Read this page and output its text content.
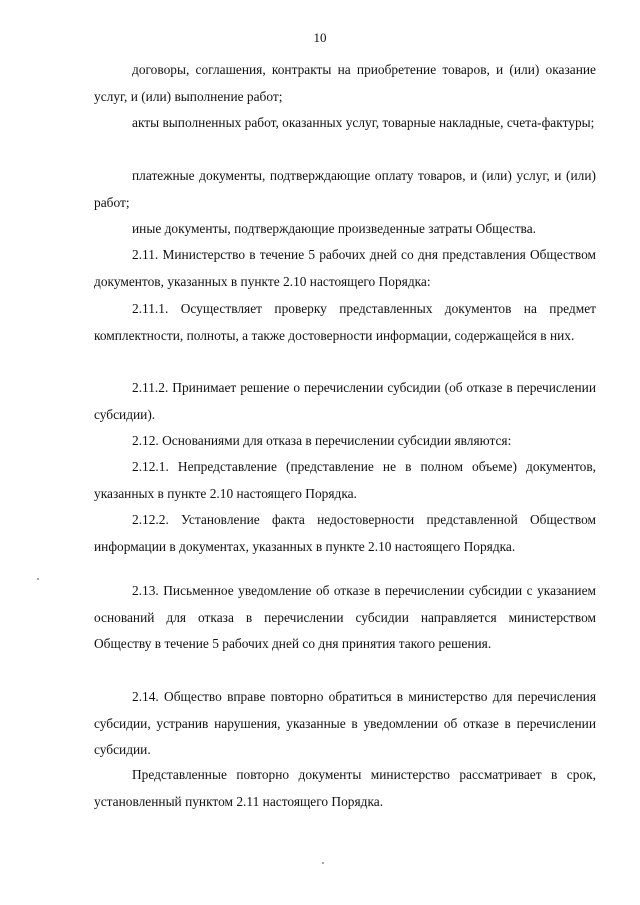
10

договоры, соглашения, контракты на приобретение товаров, и (или) оказание услуг, и (или) выполнение работ;

акты выполненных работ, оказанных услуг, товарные накладные, счета-фактуры;

платежные документы, подтверждающие оплату товаров, и (или) услуг, и (или) работ;

иные документы, подтверждающие произведенные затраты Общества.

2.11. Министерство в течение 5 рабочих дней со дня представления Обществом документов, указанных в пункте 2.10 настоящего Порядка:

2.11.1. Осуществляет проверку представленных документов на предмет комплектности, полноты, а также достоверности информации, содержащейся в них.

2.11.2. Принимает решение о перечислении субсидии (об отказе в перечислении субсидии).

2.12. Основаниями для отказа в перечислении субсидии являются:

2.12.1. Непредставление (представление не в полном объеме) документов, указанных в пункте 2.10 настоящего Порядка.

2.12.2. Установление факта недостоверности представленной Обществом информации в документах, указанных в пункте 2.10 настоящего Порядка.

2.13. Письменное уведомление об отказе в перечислении субсидии с указанием оснований для отказа в перечислении субсидии направляется министерством Обществу в течение 5 рабочих дней со дня принятия такого решения.

2.14. Общество вправе повторно обратиться в министерство для перечисления субсидии, устранив нарушения, указанные в уведомлении об отказе в перечислении субсидии.

Представленные повторно документы министерство рассматривает в срок, установленный пунктом 2.11 настоящего Порядка.
